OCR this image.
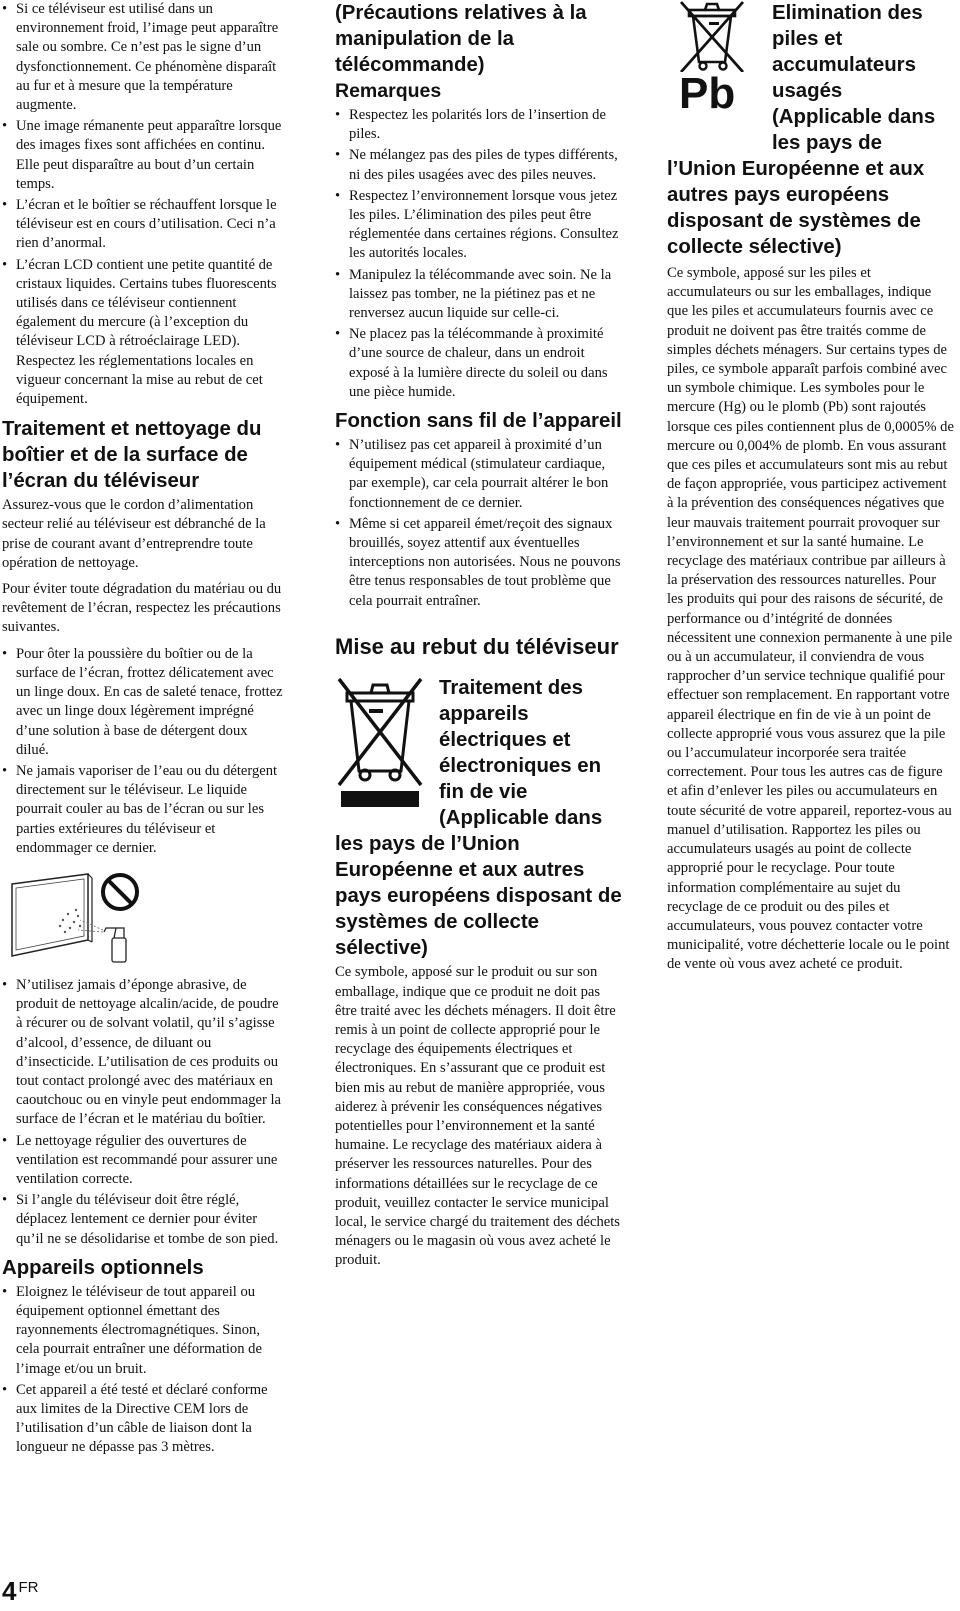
• Si ce téléviseur est utilisé dans un environnement froid, l’image peut apparaître sale ou sombre. Ce n’est pas le signe d’un dysfonctionnement. Ce phénomène disparaît au fur et à mesure que la température augmente.
• Une image rémanente peut apparaître lorsque des images fixes sont affichées en continu. Elle peut disparaître au bout d’un certain temps.
• L’écran et le boîtier se réchauffent lorsque le téléviseur est en cours d’utilisation. Ceci n’a rien d’anormal.
• L’écran LCD contient une petite quantité de cristaux liquides. Certains tubes fluorescents utilisés dans ce téléviseur contiennent également du mercure (à l’exception du téléviseur LCD à rétroéclairage LED). Respectez les réglementations locales en vigueur concernant la mise au rebut de cet équipement.
Traitement et nettoyage du boîtier et de la surface de l’écran du téléviseur

Assurez-vous que le cordon d’alimentation secteur relié au téléviseur est débranché de la prise de courant avant d’entreprendre toute opération de nettoyage.

Pour éviter toute dégradation du matériau ou du revêtement de l’écran, respectez les précautions suivantes.

• Pour ôter la poussière du boîtier ou de la surface de l’écran, frottez délicatement avec un linge doux. En cas de saleté tenace, frottez avec un linge doux légèrement imprégné d’une solution à base de détergent doux dilué.
• Ne jamais vaporiser de l’eau ou du détergent directement sur le téléviseur. Le liquide pourrait couler au bas de l’écran ou sur les parties extérieures du téléviseur et endommager ce dernier.
• N’utilisez jamais d’éponge abrasive, de produit de nettoyage alcalin/acide, de poudre à récurer ou de solvant volatil, qu’il s’agisse d’alcool, d’essence, de diluant ou d’insecticide. L’utilisation de ces produits ou tout contact prolongé avec des matériaux en caoutchouc ou en vinyle peut endommager la surface de l’écran et le matériau du boîtier.
• Le nettoyage régulier des ouvertures de ventilation est recommandé pour assurer une ventilation correcte.
• Si l’angle du téléviseur doit être réglé, déplacez lentement ce dernier pour éviter qu’il ne se désolidarise et tombe de son pied.
Appareils optionnels
• Eloignez le téléviseur de tout appareil ou équipement optionnel émettant des rayonnements électromagnétiques. Sinon, cela pourrait entraîner une déformation de l’image et/ou un bruit.
• Cet appareil a été testé et déclaré conforme aux limites de la Directive CEM lors de l’utilisation d’un câble de liaison dont la longueur ne dépasse pas 3 mètres.
(Précautions relatives à la manipulation de la télécommande)
Remarques
• Respectez les polarités lors de l’insertion de piles.
• Ne mélangez pas des piles de types différents, ni des piles usagées avec des piles neuves.
• Respectez l’environnement lorsque vous jetez les piles. L’élimination des piles peut être réglementée dans certaines régions. Consultez les autorités locales.
• Manipulez la télécommande avec soin. Ne la laissez pas tomber, ne la piétinez pas et ne renversez aucun liquide sur celle-ci.
• Ne placez pas la télécommande à proximité d’une source de chaleur, dans un endroit exposé à la lumière directe du soleil ou dans une pièce humide.
Fonction sans fil de l’appareil
• N’utilisez pas cet appareil à proximité d’un équipement médical (stimulateur cardiaque, par exemple), car cela pourrait altérer le bon fonctionnement de ce dernier.
• Même si cet appareil émet/reçoit des signaux brouillés, soyez attentif aux éventuelles interceptions non autorisées. Nous ne pouvons être tenus responsables de tout problème que cela pourrait entraîner.
Mise au rebut du téléviseur
Traitement des appareils électriques et électroniques en fin de vie (Applicable dans les pays de l’Union Européenne et aux autres pays européens disposant de systèmes de collecte sélective)

Ce symbole, apposé sur le produit ou sur son emballage, indique que ce produit ne doit pas être traité avec les déchets ménagers. Il doit être remis à un point de collecte approprié pour le recyclage des équipements électriques et électroniques. En s’assurant que ce produit est bien mis au rebut de manière appropriée, vous aiderez à prévenir les conséquences négatives potentielles pour l’environnement et la santé humaine. Le recyclage des matériaux aidera à préserver les ressources naturelles. Pour des informations détaillées sur le recyclage de ce produit, veuillez contacter le service municipal local, le service chargé du traitement des déchets ménagers ou le magasin où vous avez acheté le produit.

Pb
Elimination des piles et accumulateurs usagés (Applicable dans les pays de l’Union Européenne et aux autres pays européens disposant de systèmes de collecte sélective)

Ce symbole, apposé sur les piles et accumulateurs ou sur les emballages, indique que les piles et accumulateurs fournis avec ce produit ne doivent pas être traités comme de simples déchets ménagers. Sur certains types de piles, ce symbole apparaît parfois combiné avec un symbole chimique. Les symboles pour le mercure (Hg) ou le plomb (Pb) sont rajoutés lorsque ces piles contiennent plus de 0,0005% de mercure ou 0,004% de plomb. En vous assurant que ces piles et accumulateurs sont mis au rebut de façon appropriée, vous participez activement à la prévention des conséquences négatives que leur mauvais traitement pourrait provoquer sur l’environnement et sur la santé humaine. Le recyclage des matériaux contribue par ailleurs à la préservation des ressources naturelles. Pour les produits qui pour des raisons de sécurité, de performance ou d’intégrité de données nécessitent une connexion permanente à une pile ou à un accumulateur, il conviendra de vous rapprocher d’un service technique qualifié pour effectuer son remplacement. En rapportant votre appareil électrique en fin de vie à un point de collecte approprié vous vous assurez que la pile ou l’accumulateur incorporée sera traitée correctement. Pour tous les autres cas de figure et afin d’enlever les piles ou accumulateurs en toute sécurité de votre appareil, reportez-vous au manuel d’utilisation. Rapportez les piles ou accumulateurs usagés au point de collecte approprié pour le recyclage. Pour toute information complémentaire au sujet du recyclage de ce produit ou des piles et accumulateurs, vous pouvez contacter votre municipalité, votre déchetterie locale ou le point de vente où vous avez acheté ce produit.

4 FR
